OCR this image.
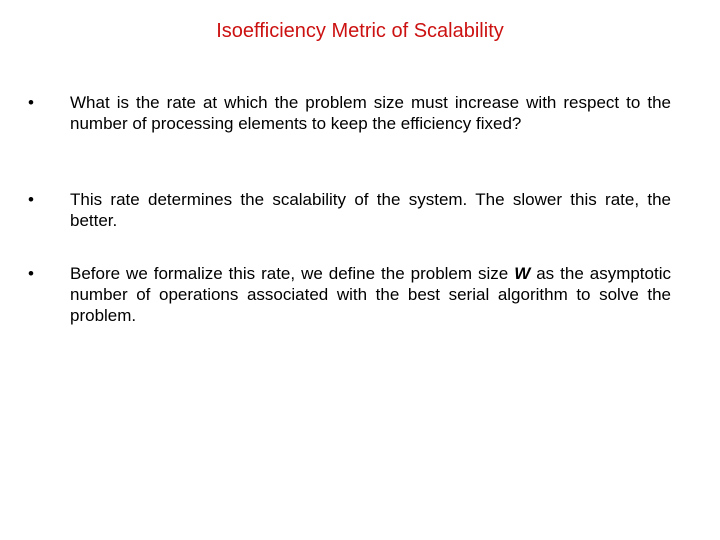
Isoefficiency Metric of Scalability
• What is the rate at which the problem size must increase with respect to the number of processing elements to keep the efficiency fixed?
• This rate determines the scalability of the system. The slower this rate, the better.
• Before we formalize this rate, we define the problem size W as the asymptotic number of operations associated with the best serial algorithm to solve the problem.
